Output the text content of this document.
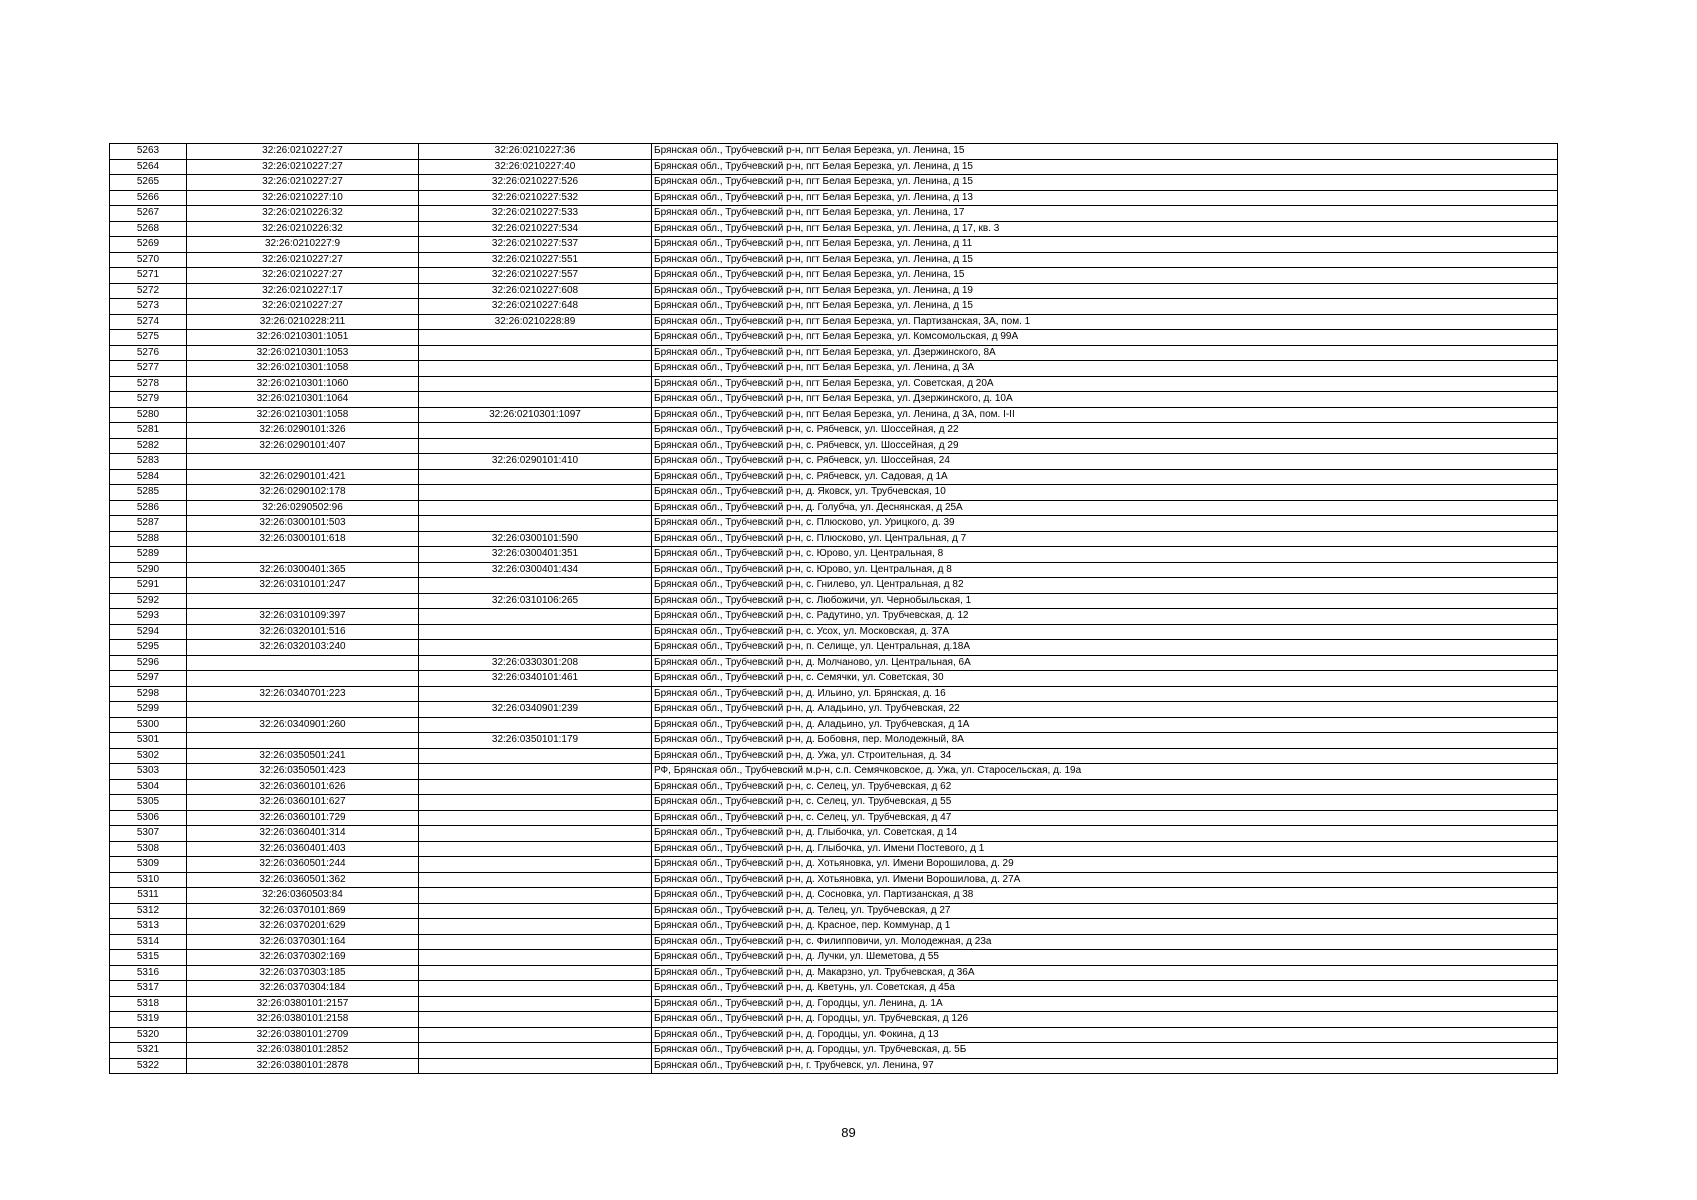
5263	32:26:0210227:27	32:26:0210227:36	Брянская обл., Трубчевский р-н, пгт Белая Березка, ул. Ленина, 15
5264	32:26:0210227:27	32:26:0210227:40	Брянская обл., Трубчевский р-н, пгт Белая Березка, ул. Ленина, д 15
5265	32:26:0210227:27	32:26:0210227:526	Брянская обл., Трубчевский р-н, пгт Белая Березка, ул. Ленина, д 15
5266	32:26:0210227:10	32:26:0210227:532	Брянская обл., Трубчевский р-н, пгт Белая Березка, ул. Ленина, д 13
5267	32:26:0210226:32	32:26:0210227:533	Брянская обл., Трубчевский р-н, пгт Белая Березка, ул. Ленина, 17
5268	32:26:0210226:32	32:26:0210227:534	Брянская обл., Трубчевский р-н, пгт Белая Березка, ул. Ленина, д 17, кв. 3
5269	32:26:0210227:9	32:26:0210227:537	Брянская обл., Трубчевский р-н, пгт Белая Березка, ул. Ленина, д 11
5270	32:26:0210227:27	32:26:0210227:551	Брянская обл., Трубчевский р-н, пгт Белая Березка, ул. Ленина, д 15
5271	32:26:0210227:27	32:26:0210227:557	Брянская обл., Трубчевский р-н, пгт Белая Березка, ул. Ленина, 15
5272	32:26:0210227:17	32:26:0210227:608	Брянская обл., Трубчевский р-н, пгт Белая Березка, ул. Ленина, д 19
5273	32:26:0210227:27	32:26:0210227:648	Брянская обл., Трубчевский р-н, пгт Белая Березка, ул. Ленина, д 15
5274	32:26:0210228:211	32:26:0210228:89	Брянская обл., Трубчевский р-н, пгт Белая Березка, ул. Партизанская, 3А, пом. 1
5275	32:26:0210301:1051		Брянская обл., Трубчевский р-н, пгт Белая Березка, ул. Комсомольская, д 99А
5276	32:26:0210301:1053		Брянская обл., Трубчевский р-н, пгт Белая Березка, ул. Дзержинского, 8А
5277	32:26:0210301:1058		Брянская обл., Трубчевский р-н, пгт Белая Березка, ул. Ленина, д 3А
5278	32:26:0210301:1060		Брянская обл., Трубчевский р-н, пгт Белая Березка, ул. Советская, д 20А
5279	32:26:0210301:1064		Брянская обл., Трубчевский р-н, пгт Белая Березка, ул. Дзержинского, д. 10А
5280	32:26:0210301:1058	32:26:0210301:1097	Брянская обл., Трубчевский р-н, пгт Белая Березка, ул. Ленина, д 3А, пом. I-II
5281	32:26:0290101:326		Брянская обл., Трубчевский р-н, с. Рябчевск, ул. Шоссейная, д 22
5282	32:26:0290101:407		Брянская обл., Трубчевский р-н, с. Рябчевск, ул. Шоссейная, д 29
5283		32:26:0290101:410	Брянская обл., Трубчевский р-н, с. Рябчевск, ул. Шоссейная, 24
5284	32:26:0290101:421		Брянская обл., Трубчевский р-н, с. Рябчевск, ул. Садовая, д 1А
5285	32:26:0290102:178		Брянская обл., Трубчевский р-н, д. Яковск, ул. Трубчевская, 10
5286	32:26:0290502:96		Брянская обл., Трубчевский р-н, д. Голубча, ул. Деснянская, д 25А
5287	32:26:0300101:503		Брянская обл., Трубчевский р-н, с. Плюсково, ул. Урицкого, д. 39
5288	32:26:0300101:618	32:26:0300101:590	Брянская обл., Трубчевский р-н, с. Плюсково, ул. Центральная, д 7
5289		32:26:0300401:351	Брянская обл., Трубчевский р-н, с. Юрово, ул. Центральная, 8
5290	32:26:0300401:365	32:26:0300401:434	Брянская обл., Трубчевский р-н, с. Юрово, ул. Центральная, д 8
5291	32:26:0310101:247		Брянская обл., Трубчевский р-н, с. Гнилево, ул. Центральная, д 82
5292		32:26:0310106:265	Брянская обл., Трубчевский р-н, с. Любожичи, ул. Чернобыльская, 1
5293	32:26:0310109:397		Брянская обл., Трубчевский р-н, с. Радутино, ул. Трубчевская, д. 12
5294	32:26:0320101:516		Брянская обл., Трубчевский р-н, с. Усох, ул. Московская, д. 37А
5295	32:26:0320103:240		Брянская обл., Трубчевский р-н, п. Селище, ул. Центральная, д.18А
5296		32:26:0330301:208	Брянская обл., Трубчевский р-н, д. Молчаново, ул. Центральная, 6А
5297		32:26:0340101:461	Брянская обл., Трубчевский р-н, с. Семячки, ул. Советская, 30
5298	32:26:0340701:223		Брянская обл., Трубчевский р-н, д. Ильино, ул. Брянская, д. 16
5299		32:26:0340901:239	Брянская обл., Трубчевский р-н, д. Аладьино, ул. Трубчевская, 22
5300	32:26:0340901:260		Брянская обл., Трубчевский р-н, д. Аладьино, ул. Трубчевская, д 1А
5301		32:26:0350101:179	Брянская обл., Трубчевский р-н, д. Бобовня, пер. Молодежный, 8А
5302	32:26:0350501:241		Брянская обл., Трубчевский р-н, д. Ужа, ул. Строительная, д. 34
5303	32:26:0350501:423		РФ, Брянская обл., Трубчевский м.р-н, с.п. Семячковское, д. Ужа, ул. Старосельская, д. 19а
5304	32:26:0360101:626		Брянская обл., Трубчевский р-н, с. Селец, ул. Трубчевская, д 62
5305	32:26:0360101:627		Брянская обл., Трубчевский р-н, с. Селец, ул. Трубчевская, д 55
5306	32:26:0360101:729		Брянская обл., Трубчевский р-н, с. Селец, ул. Трубчевская, д 47
5307	32:26:0360401:314		Брянская обл., Трубчевский р-н, д. Глыбочка, ул. Советская, д 14
5308	32:26:0360401:403		Брянская обл., Трубчевский р-н, д. Глыбочка, ул. Имени Постевого, д 1
5309	32:26:0360501:244		Брянская обл., Трубчевский р-н, д. Хотьяновка, ул. Имени Ворошилова, д. 29
5310	32:26:0360501:362		Брянская обл., Трубчевский р-н, д. Хотьяновка, ул. Имени Ворошилова, д. 27А
5311	32:26:0360503:84		Брянская обл., Трубчевский р-н, д. Сосновка, ул. Партизанская, д 38
5312	32:26:0370101:869		Брянская обл., Трубчевский р-н, д. Телец, ул. Трубчевская, д 27
5313	32:26:0370201:629		Брянская обл., Трубчевский р-н, д. Красное, пер. Коммунар, д 1
5314	32:26:0370301:164		Брянская обл., Трубчевский р-н, с. Филипповичи, ул. Молодежная, д 23а
5315	32:26:0370302:169		Брянская обл., Трубчевский р-н, д. Лучки, ул. Шеметова, д 55
5316	32:26:0370303:185		Брянская обл., Трубчевский р-н, д. Макарзно, ул. Трубчевская, д 36А
5317	32:26:0370304:184		Брянская обл., Трубчевский р-н, д. Кветунь, ул. Советская, д 45а
5318	32:26:0380101:2157		Брянская обл., Трубчевский р-н, д. Городцы, ул. Ленина, д. 1А
5319	32:26:0380101:2158		Брянская обл., Трубчевский р-н, д. Городцы, ул. Трубчевская, д 126
5320	32:26:0380101:2709		Брянская обл., Трубчевский р-н, д. Городцы, ул. Фокина, д 13
5321	32:26:0380101:2852		Брянская обл., Трубчевский р-н, д. Городцы, ул. Трубчевская, д. 5Б
5322	32:26:0380101:2878		Брянская обл., Трубчевский р-н, г. Трубчевск, ул. Ленина, 97
89
